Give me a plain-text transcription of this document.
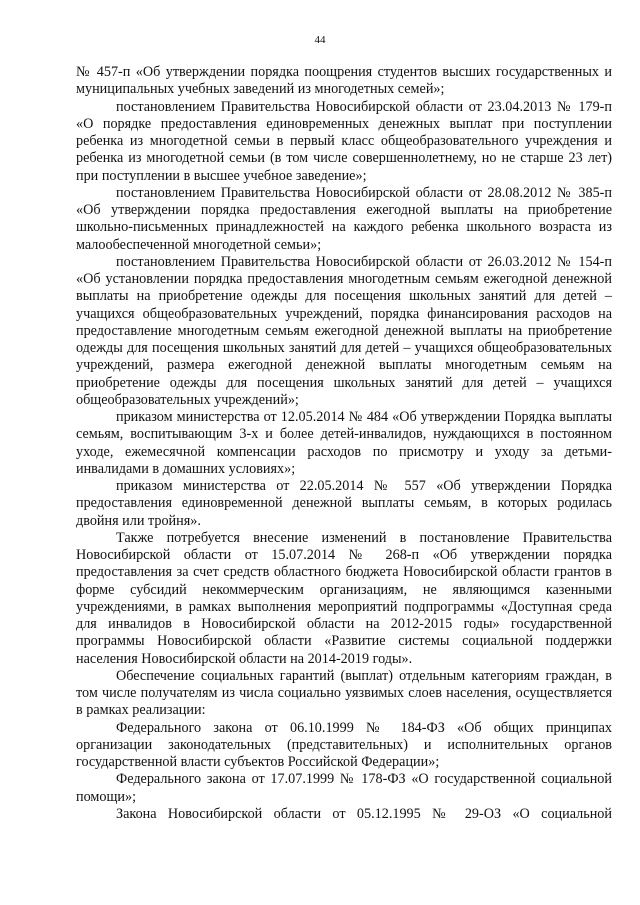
44

№ 457-п «Об утверждении порядка поощрения студентов высших государственных и муниципальных учебных заведений из многодетных семей»;

постановлением Правительства Новосибирской области от 23.04.2013 № 179-п «О порядке предоставления единовременных денежных выплат при поступлении ребенка из многодетной семьи в первый класс общеобразовательного учреждения и ребенка из многодетной семьи (в том числе совершеннолетнему, но не старше 23 лет) при поступлении в высшее учебное заведение»;

постановлением Правительства Новосибирской области от 28.08.2012 № 385-п «Об утверждении порядка предоставления ежегодной выплаты на приобретение школьно-письменных принадлежностей на каждого ребенка школьного возраста из малообеспеченной многодетной семьи»;

постановлением Правительства Новосибирской области от 26.03.2012 № 154-п «Об установлении порядка предоставления многодетным семьям ежегодной денежной выплаты на приобретение одежды для посещения школьных занятий для детей – учащихся общеобразовательных учреждений, порядка финансирования расходов на предоставление многодетным семьям ежегодной денежной выплаты на приобретение одежды для посещения школьных занятий для детей – учащихся общеобразовательных учреждений, размера ежегодной денежной выплаты многодетным семьям на приобретение одежды для посещения школьных занятий для детей – учащихся общеобразовательных учреждений»;

приказом министерства от 12.05.2014 № 484 «Об утверждении Порядка выплаты семьям, воспитывающим 3-х и более детей-инвалидов, нуждающихся в постоянном уходе, ежемесячной компенсации расходов по присмотру и уходу за детьми-инвалидами в домашних условиях»;

приказом министерства от 22.05.2014 № 557 «Об утверждении Порядка предоставления единовременной денежной выплаты семьям, в которых родилась двойня или тройня».

Также потребуется внесение изменений в постановление Правительства Новосибирской области от 15.07.2014 № 268-п «Об утверждении порядка предоставления за счет средств областного бюджета Новосибирской области грантов в форме субсидий некоммерческим организациям, не являющимся казенными учреждениями, в рамках выполнения мероприятий подпрограммы «Доступная среда для инвалидов в Новосибирской области на 2012-2015 годы» государственной программы Новосибирской области «Развитие системы социальной поддержки населения Новосибирской области на 2014-2019 годы».

Обеспечение социальных гарантий (выплат) отдельным категориям граждан, в том числе получателям из числа социально уязвимых слоев населения, осуществляется в рамках реализации:

Федерального закона от 06.10.1999 № 184-ФЗ «Об общих принципах организации законодательных (представительных) и исполнительных органов государственной власти субъектов Российской Федерации»;

Федерального закона от 17.07.1999 № 178-ФЗ «О государственной социальной помощи»;

Закона Новосибирской области от 05.12.1995 № 29-ОЗ «О социальной
